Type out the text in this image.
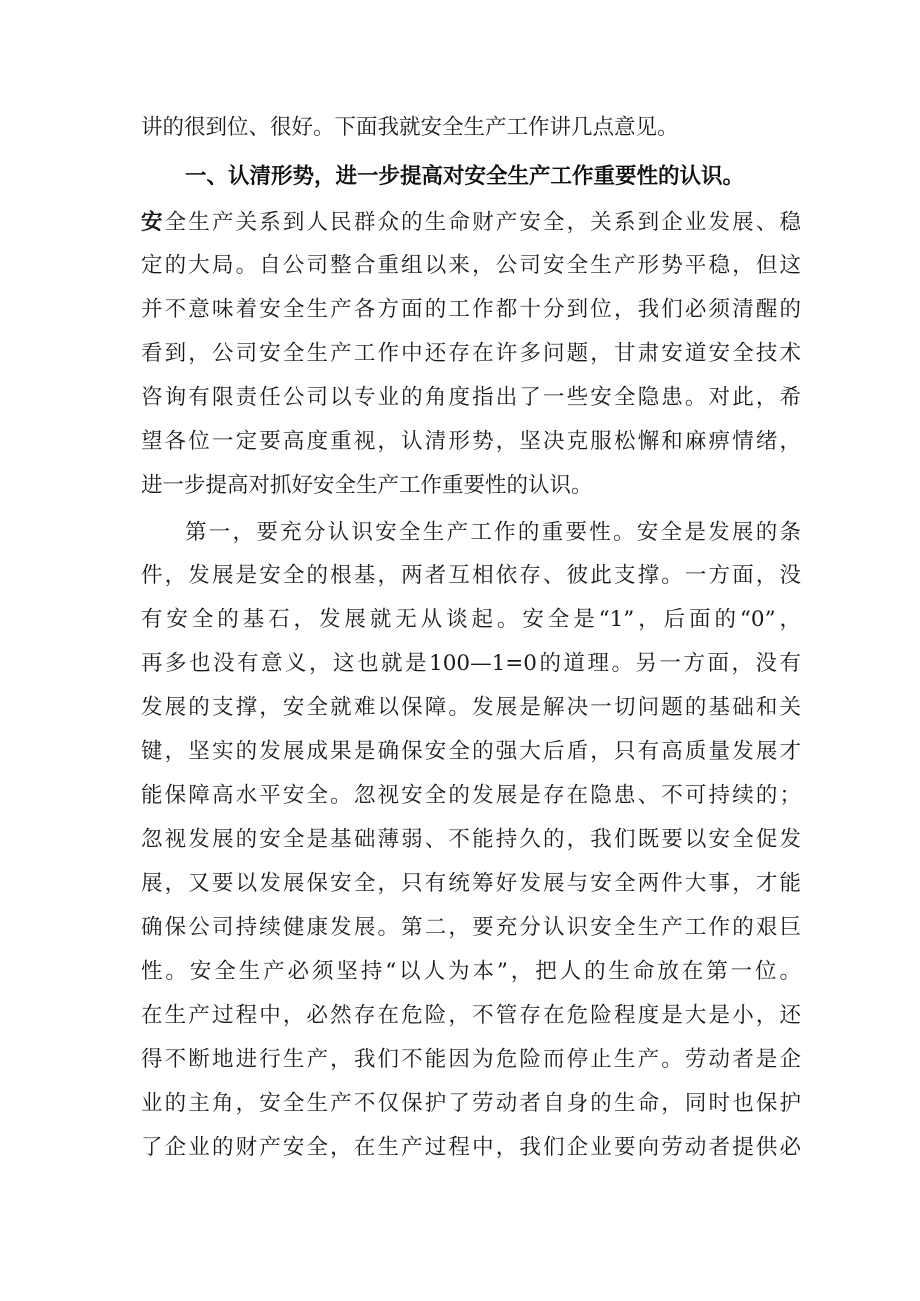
讲的很到位、很好。下面我就安全生产工作讲几点意见。
一、认清形势，进一步提高对安全生产工作重要性的认识。
安全生产关系到人民群众的生命财产安全，关系到企业发展、稳
定的大局。自公司整合重组以来，公司安全生产形势平稳，但这
并不意味着安全生产各方面的工作都十分到位，我们必须清醒的
看到，公司安全生产工作中还存在许多问题，甘肃安道安全技术
咨询有限责任公司以专业的角度指出了一些安全隐患。对此，希
望各位一定要高度重视，认清形势，坚决克服松懈和麻痹情绪，
进一步提高对抓好安全生产工作重要性的认识。
第一，要充分认识安全生产工作的重要性。安全是发展的条
件，发展是安全的根基，两者互相依存、彼此支撑。一方面，没
有安全的基石，发展就无从谈起。安全是“1”，后面的“0”，
再多也没有意义，这也就是100—1=0的道理。另一方面，没有
发展的支撑，安全就难以保障。发展是解决一切问题的基础和关
键，坚实的发展成果是确保安全的强大后盾，只有高质量发展才
能保障高水平安全。忽视安全的发展是存在隐患、不可持续的；
忽视发展的安全是基础薄弱、不能持久的，我们既要以安全促发
展，又要以发展保安全，只有统筹好发展与安全两件大事，才能
确保公司持续健康发展。第二，要充分认识安全生产工作的艰巨
性。安全生产必须坚持“以人为本”，把人的生命放在第一位。
在生产过程中，必然存在危险，不管存在危险程度是大是小，还
得不断地进行生产，我们不能因为危险而停止生产。劳动者是企
业的主角，安全生产不仅保护了劳动者自身的生命，同时也保护
了企业的财产安全，在生产过程中，我们企业要向劳动者提供必
